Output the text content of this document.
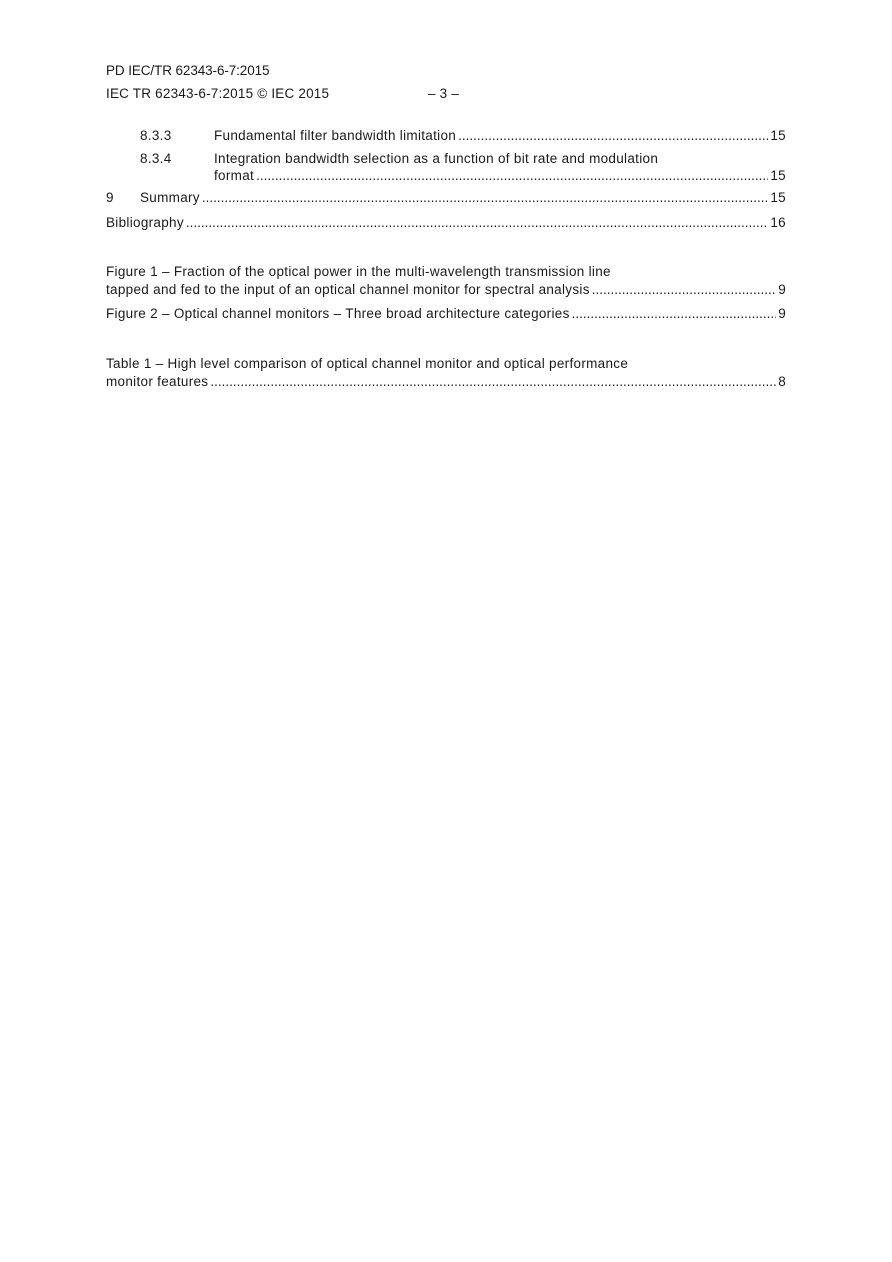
PD IEC/TR 62343-6-7:2015
IEC TR 62343-6-7:2015 © IEC 2015	– 3 –
8.3.3	Fundamental filter bandwidth limitation .....	15
8.3.4	Integration bandwidth selection as a function of bit rate and modulation
format .....	15
9	Summary .....	15
Bibliography .....	16
Figure 1 – Fraction of the optical power in the multi-wavelength transmission line
tapped and fed to the input of an optical channel monitor for spectral analysis .....	9
Figure 2 – Optical channel monitors – Three broad architecture categories .....	9
Table 1 – High level comparison of optical channel monitor and optical performance
monitor features .....	8
